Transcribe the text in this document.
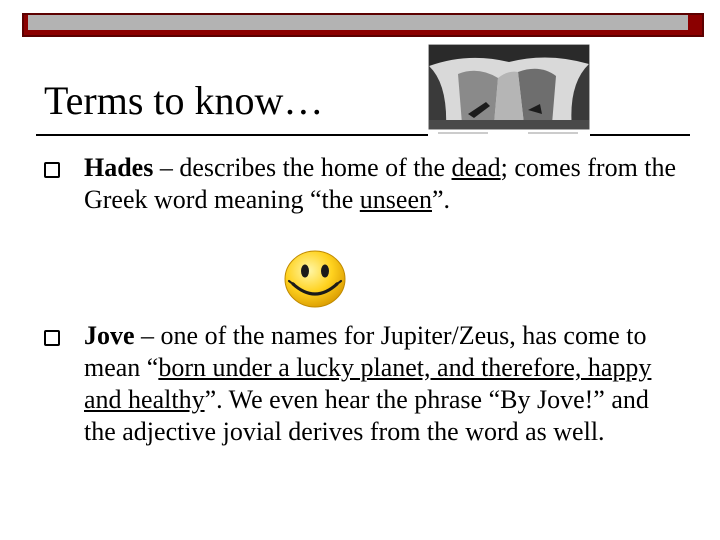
Terms to know…
Hades – describes the home of the dead; comes from the Greek word meaning “the unseen”.
Jove – one of the names for Jupiter/Zeus, has come to mean “born under a lucky planet, and therefore, happy and healthy”. We even hear the phrase “By Jove!” and the adjective jovial derives from the word as well.
